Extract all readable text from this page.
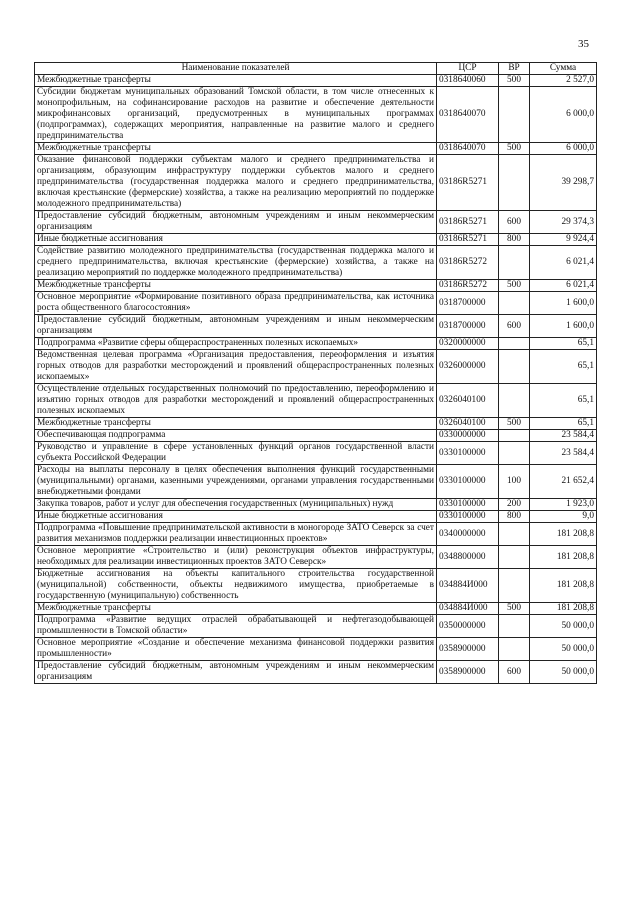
35
Наименование показателей	ЦСР	ВР	Сумма
Межбюджетные трансферты	0318640060	500	2 527,0
Субсидии бюджетам муниципальных образований Томской области, в том числе отнесенных к монопрофильным, на софинансирование расходов на развитие и обеспечение деятельности микрофинансовых организаций, предусмотренных в муниципальных программах (подпрограммах), содержащих мероприятия, направленные на развитие малого и среднего предпринимательства	0318640070		6 000,0
Межбюджетные трансферты	0318640070	500	6 000,0
Оказание финансовой поддержки субъектам малого и среднего предпринимательства и организациям, образующим инфраструктуру поддержки субъектов малого и среднего предпринимательства (государственная поддержка малого и среднего предпринимательства, включая крестьянские (фермерские) хозяйства, а также на реализацию мероприятий по поддержке молодежного предпринимательства)	03186R5271		39 298,7
Предоставление субсидий бюджетным, автономным учреждениям и иным некоммерческим организациям	03186R5271	600	29 374,3
Иные бюджетные ассигнования	03186R5271	800	9 924,4
Содействие развитию молодежного предпринимательства (государственная поддержка малого и среднего предпринимательства, включая крестьянские (фермерские) хозяйства, а также на реализацию мероприятий по поддержке молодежного предпринимательства)	03186R5272		6 021,4
Межбюджетные трансферты	03186R5272	500	6 021,4
Основное мероприятие «Формирование позитивного образа предпринимательства, как источника роста общественного благосостояния»	0318700000		1 600,0
Предоставление субсидий бюджетным, автономным учреждениям и иным некоммерческим организациям	0318700000	600	1 600,0
Подпрограмма «Развитие сферы общераспространенных полезных ископаемых»	0320000000		65,1
Ведомственная целевая программа «Организация предоставления, переоформления и изъятия горных отводов для разработки месторождений и проявлений общераспространенных полезных ископаемых»	0326000000		65,1
Осуществление отдельных государственных полномочий по предоставлению, переоформлению и изъятию горных отводов для разработки месторождений и проявлений общераспространенных полезных ископаемых	0326040100		65,1
Межбюджетные трансферты	0326040100	500	65,1
Обеспечивающая подпрограмма	0330000000		23 584,4
Руководство и управление в сфере установленных функций органов государственной власти субъекта Российской Федерации	0330100000		23 584,4
Расходы на выплаты персоналу в целях обеспечения выполнения функций государственными (муниципальными) органами, казенными учреждениями, органами управления государственными внебюджетными фондами	0330100000	100	21 652,4
Закупка товаров, работ и услуг для обеспечения государственных (муниципальных) нужд	0330100000	200	1 923,0
Иные бюджетные ассигнования	0330100000	800	9,0
Подпрограмма «Повышение предпринимательской активности в моногороде ЗАТО Северск за счет развития механизмов поддержки реализации инвестиционных проектов»	0340000000		181 208,8
Основное мероприятие «Строительство и (или) реконструкция объектов инфраструктуры, необходимых для реализации инвестиционных проектов ЗАТО Северск»	0348800000		181 208,8
Бюджетные ассигнования на объекты капитального строительства государственной (муниципальной) собственности, объекты недвижимого имущества, приобретаемые в государственную (муниципальную) собственность	034884И000		181 208,8
Межбюджетные трансферты	034884И000	500	181 208,8
Подпрограмма «Развитие ведущих отраслей обрабатывающей и нефтегазодобывающей промышленности в Томской области»	0350000000		50 000,0
Основное мероприятие «Создание и обеспечение механизма финансовой поддержки развития промышленности»	0358900000		50 000,0
Предоставление субсидий бюджетным, автономным учреждениям и иным некоммерческим организациям	0358900000	600	50 000,0
